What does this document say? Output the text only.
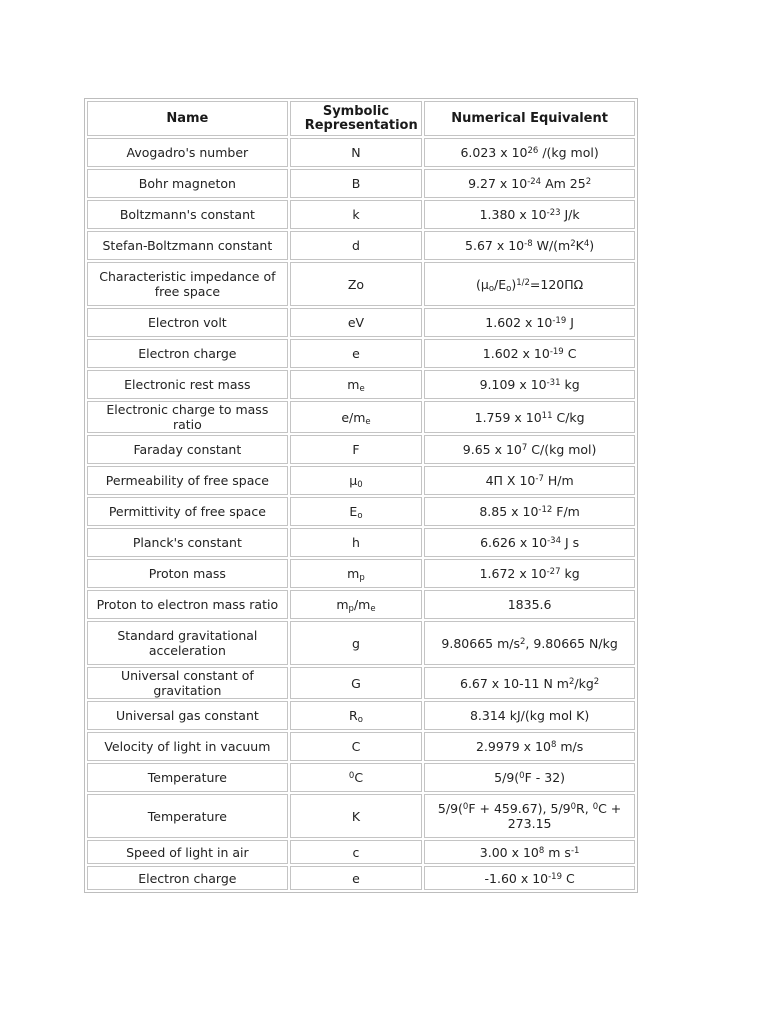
Name	Symbolic Representation	Numerical Equivalent
Avogadro's number	N	6.023 x $10^{26}$ /(kg mol)
Bohr magneton	B	9.27 x $10^{-24}$ Am $25^2$
Boltzmann's constant	k	1.380 x $10^{-23}$ J/k
Stefan-Boltzmann constant	d	5.67 x $10^{-8}$ $W/(m^2K^4)$
Characteristic impedance of free space	Zo	$(\mu_o/E_o)^{1/2}=120\Pi\Omega$
Electron volt	eV	1.602 x $10^{-19}$ J
Electron charge	e	1.602 x $10^{-19}$ C
Electronic rest mass	$m_e$	9.109 x $10^{-31}$ kg
Electronic charge to mass ratio	$e/m_e$	1.759 x $10^{11}$ C/kg
Faraday constant	F	9.65 x $10^7$ C/(kg mol)
Permeability of free space	$\mu_0$	4Π X $10^{-7}$ H/m
Permittivity of free space	$E_o$	8.85 x $10^{-12}$ F/m
Planck's constant	h	6.626 x $10^{-34}$ J s
Proton mass	$m_p$	1.672 x $10^{-27}$ kg
Proton to electron mass ratio	$m_p/m_e$	1835.6
Standard gravitational acceleration	g	9.80665 $m/s^2$, 9.80665 N/kg
Universal constant of gravitation	G	6.67 x 10-11 N $m^2/kg^2$
Universal gas constant	$R_o$	8.314 kJ/(kg mol K)
Velocity of light in vacuum	C	2.9979 x $10^8$ m/s
Temperature	$^0$C	5/9($^0$F - 32)
Temperature	K	5/9($^0$F + 459.67), $5/9^0R$, $^0$C + 273.15
Speed of light in air	c	3.00 x $10^8$ m $s^{-1}$
Electron charge	e	-1.60 x $10^{-19}$ C
